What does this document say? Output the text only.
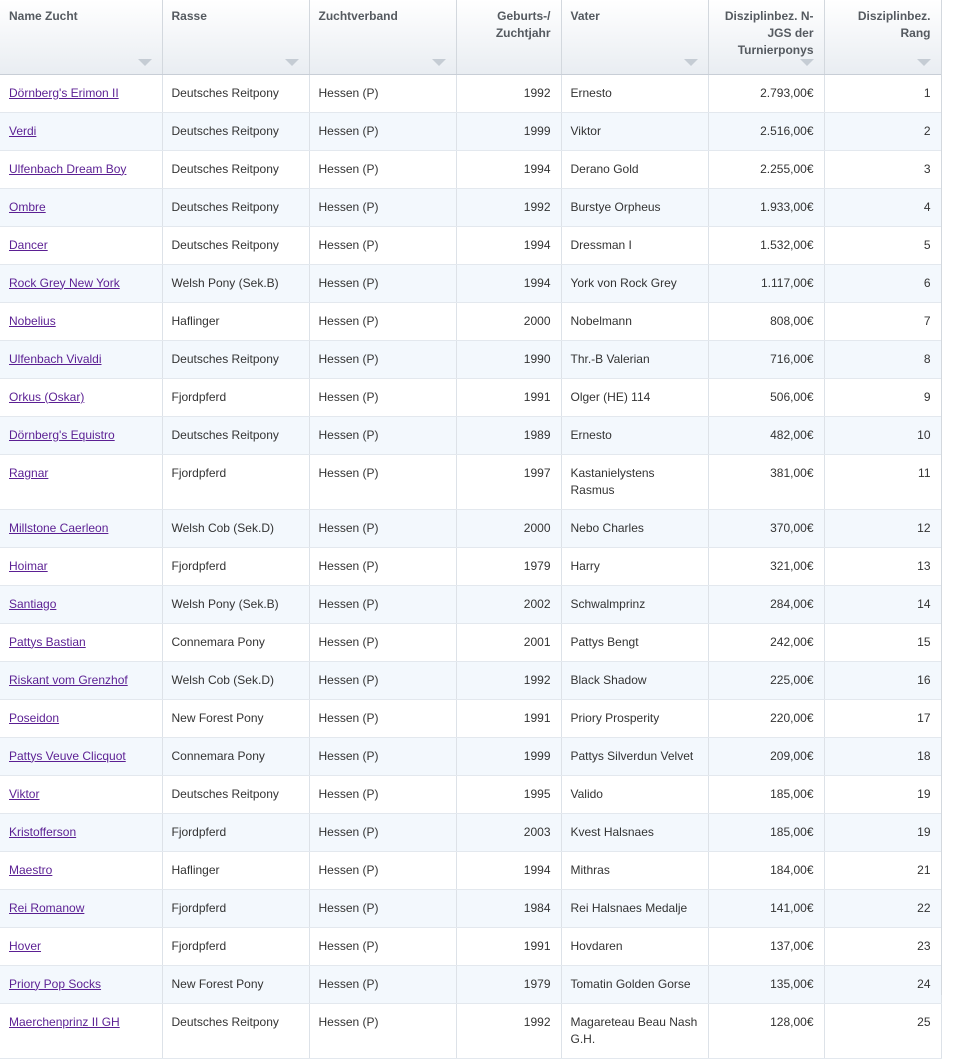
Name Zucht	Rasse	Zuchtverband	Geburts-/ Zuchtjahr	Vater	Disziplinbez. N-JGS der Turnierponys	Disziplinbez. Rang

Dörnberg's Erimon II	Deutsches Reitpony	Hessen (P)	1992	Ernesto	2.793,00€	1
Verdi	Deutsches Reitpony	Hessen (P)	1999	Viktor	2.516,00€	2
Ulfenbach Dream Boy	Deutsches Reitpony	Hessen (P)	1994	Derano Gold	2.255,00€	3
Ombre	Deutsches Reitpony	Hessen (P)	1992	Burstye Orpheus	1.933,00€	4
Dancer	Deutsches Reitpony	Hessen (P)	1994	Dressman I	1.532,00€	5
Rock Grey New York	Welsh Pony (Sek.B)	Hessen (P)	1994	York von Rock Grey	1.117,00€	6
Nobelius	Haflinger	Hessen (P)	2000	Nobelmann	808,00€	7
Ulfenbach Vivaldi	Deutsches Reitpony	Hessen (P)	1990	Thr.-B Valerian	716,00€	8
Orkus (Oskar)	Fjordpferd	Hessen (P)	1991	Olger (HE) 114	506,00€	9
Dörnberg's Equistro	Deutsches Reitpony	Hessen (P)	1989	Ernesto	482,00€	10
Ragnar	Fjordpferd	Hessen (P)	1997	Kastanielystens Rasmus	381,00€	11
Millstone Caerleon	Welsh Cob (Sek.D)	Hessen (P)	2000	Nebo Charles	370,00€	12
Hoimar	Fjordpferd	Hessen (P)	1979	Harry	321,00€	13
Santiago	Welsh Pony (Sek.B)	Hessen (P)	2002	Schwalmprinz	284,00€	14
Pattys Bastian	Connemara Pony	Hessen (P)	2001	Pattys Bengt	242,00€	15
Riskant vom Grenzhof	Welsh Cob (Sek.D)	Hessen (P)	1992	Black Shadow	225,00€	16
Poseidon	New Forest Pony	Hessen (P)	1991	Priory Prosperity	220,00€	17
Pattys Veuve Clicquot	Connemara Pony	Hessen (P)	1999	Pattys Silverdun Velvet	209,00€	18
Viktor	Deutsches Reitpony	Hessen (P)	1995	Valido	185,00€	19
Kristofferson	Fjordpferd	Hessen (P)	2003	Kvest Halsnaes	185,00€	19
Maestro	Haflinger	Hessen (P)	1994	Mithras	184,00€	21
Rei Romanow	Fjordpferd	Hessen (P)	1984	Rei Halsnaes Medalje	141,00€	22
Hover	Fjordpferd	Hessen (P)	1991	Hovdaren	137,00€	23
Priory Pop Socks	New Forest Pony	Hessen (P)	1979	Tomatin Golden Gorse	135,00€	24
Maerchenprinz II GH	Deutsches Reitpony	Hessen (P)	1992	Magareteau Beau Nash G.H.	128,00€	25
